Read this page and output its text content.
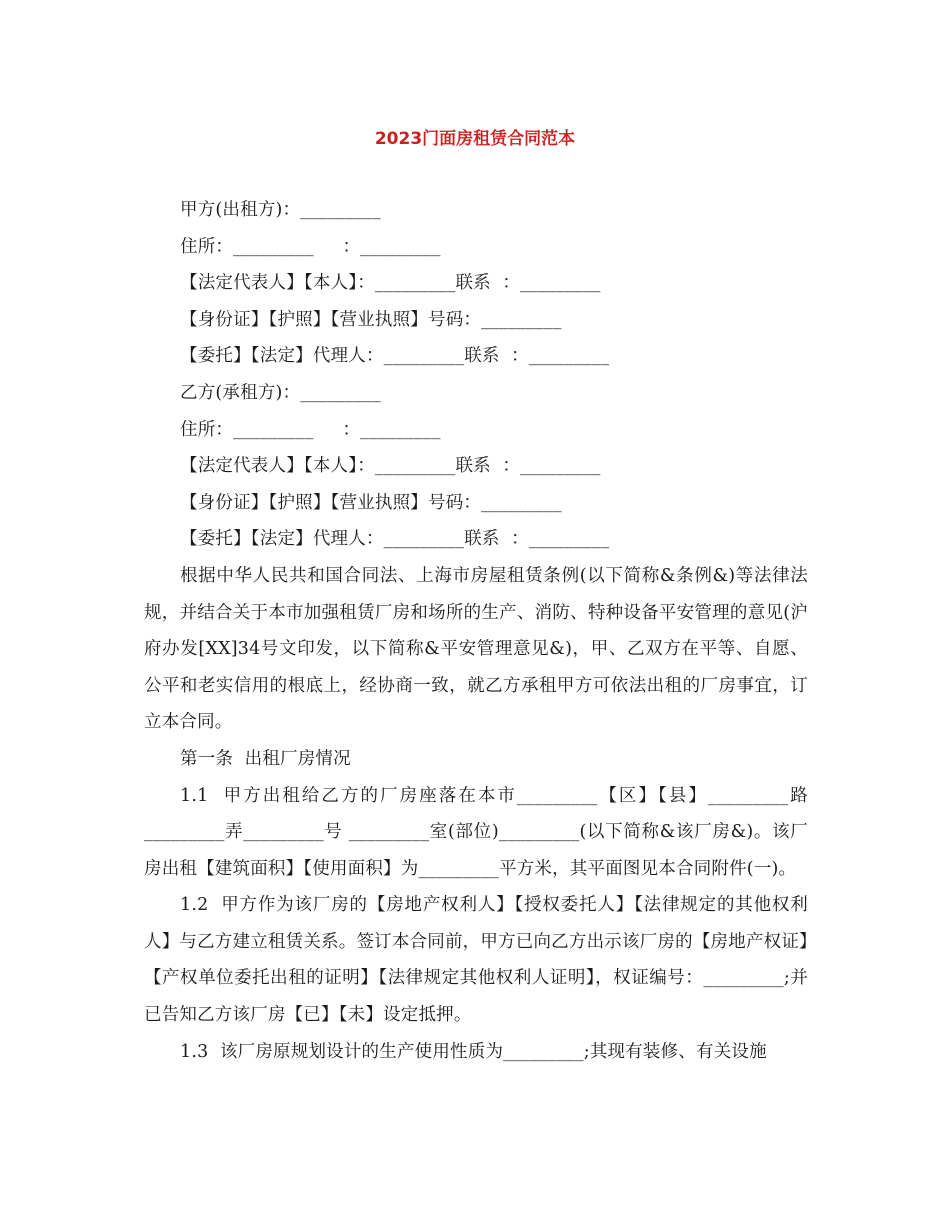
2023门面房租赁合同范本

甲方(出租方)：_________

住所：_________     ：_________

【法定代表人】【本人】：_________联系  ：_________

【身份证】【护照】【营业执照】号码：_________

【委托】【法定】代理人：_________联系  ：_________

乙方(承租方)：_________

住所：_________     ：_________

【法定代表人】【本人】：_________联系  ：_________

【身份证】【护照】【营业执照】号码：_________

【委托】【法定】代理人：_________联系  ：_________

根据中华人民共和国合同法、上海市房屋租赁条例(以下简称&条例&)等法律法规，并结合关于本市加强租赁厂房和场所的生产、消防、特种设备平安管理的意见(沪府办发[XX]34号文印发，以下简称&平安管理意见&)，甲、乙双方在平等、自愿、公平和老实信用的根底上，经协商一致，就乙方承租甲方可依法出租的厂房事宜，订立本合同。

第一条  出租厂房情况

1.1  甲方出租给乙方的厂房座落在本市_________【区】【县】_________路_________弄_________号 _________室(部位)_________(以下简称&该厂房&)。该厂房出租【建筑面积】【使用面积】为_________平方米，其平面图见本合同附件(一)。

1.2  甲方作为该厂房的【房地产权利人】【授权委托人】【法律规定的其他权利人】与乙方建立租赁关系。签订本合同前，甲方已向乙方出示该厂房的【房地产权证】【产权单位委托出租的证明】【法律规定其他权利人证明】，权证编号：_________;并已告知乙方该厂房【已】【未】设定抵押。

1.3  该厂房原规划设计的生产使用性质为_________;其现有装修、有关设施
